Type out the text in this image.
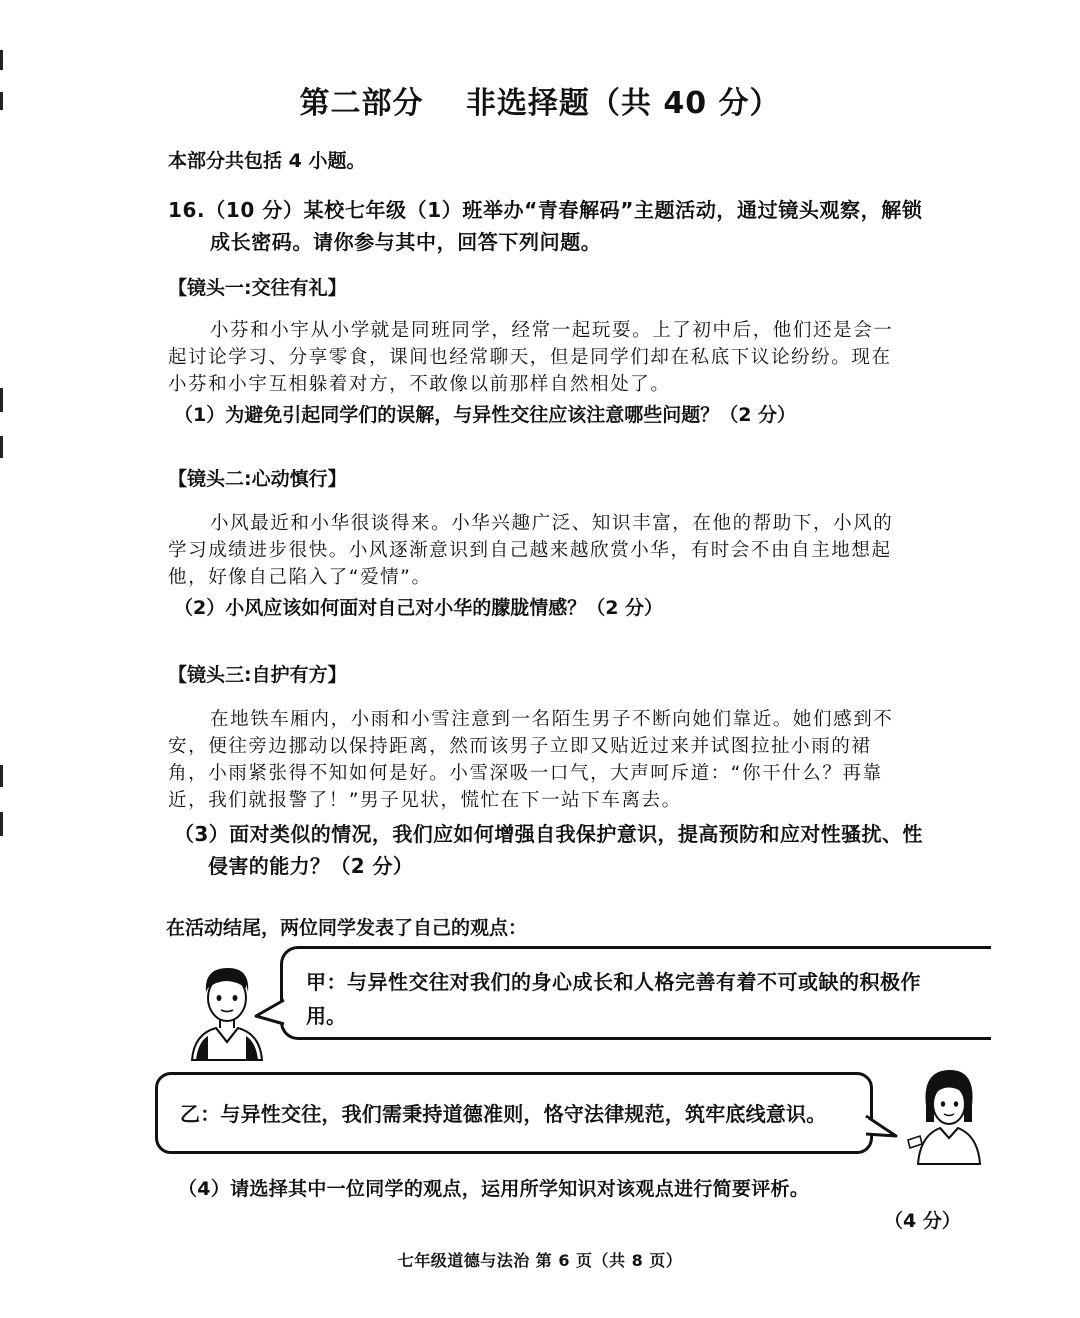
第二部分　 非选择题（共 40 分）
本部分共包括 4 小题。
16.（10 分）某校七年级（1）班举办“青春解码”主题活动，通过镜头观察，解锁
成长密码。请你参与其中，回答下列问题。
【镜头一:交往有礼】
小芬和小宇从小学就是同班同学，经常一起玩耍。上了初中后，他们还是会一
起讨论学习、分享零食，课间也经常聊天，但是同学们却在私底下议论纷纷。现在
小芬和小宇互相躲着对方，不敢像以前那样自然相处了。
（1）为避免引起同学们的误解，与异性交往应该注意哪些问题？（2 分）
【镜头二:心动慎行】
小风最近和小华很谈得来。小华兴趣广泛、知识丰富，在他的帮助下，小风的
学习成绩进步很快。小风逐渐意识到自己越来越欣赏小华，有时会不由自主地想起
他，好像自己陷入了“爱情”。
（2）小风应该如何面对自己对小华的朦胧情感？（2 分）
【镜头三:自护有方】
在地铁车厢内，小雨和小雪注意到一名陌生男子不断向她们靠近。她们感到不
安，便往旁边挪动以保持距离，然而该男子立即又贴近过来并试图拉扯小雨的裙
角，小雨紧张得不知如何是好。小雪深吸一口气，大声呵斥道：“你干什么？再靠
近，我们就报警了！”男子见状，慌忙在下一站下车离去。
（3）面对类似的情况，我们应如何增强自我保护意识，提高预防和应对性骚扰、性
侵害的能力？（2 分）
在活动结尾，两位同学发表了自己的观点：
甲：与异性交往对我们的身心成长和人格完善有着不可或缺的积极作
用。
乙：与异性交往，我们需秉持道德准则，恪守法律规范，筑牢底线意识。
（4）请选择其中一位同学的观点，运用所学知识对该观点进行简要评析。
（4 分）
七年级道德与法治 第 6 页（共 8 页）
